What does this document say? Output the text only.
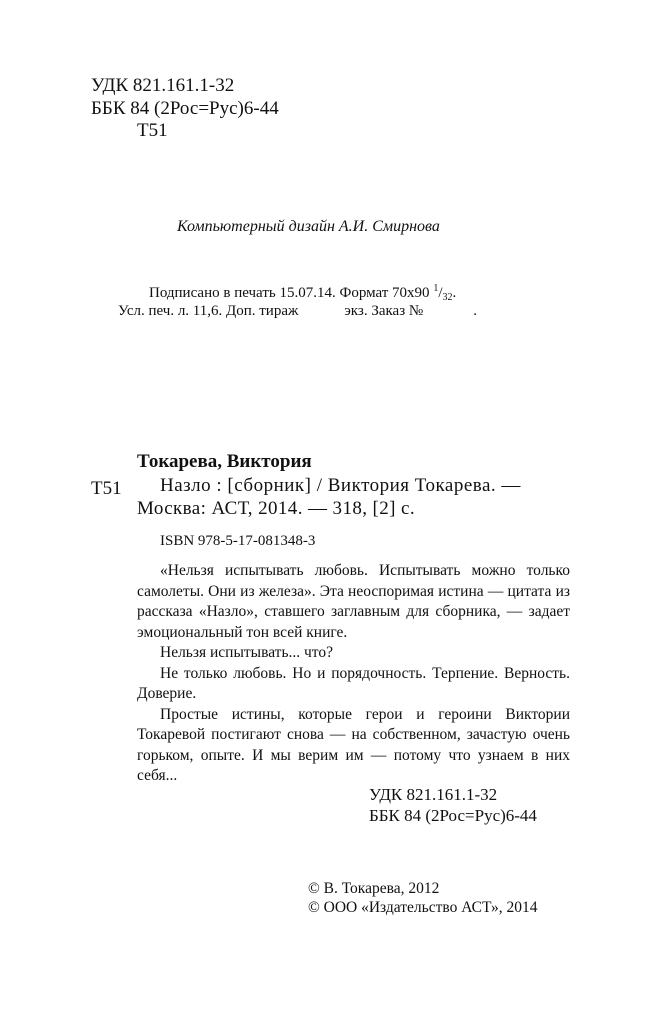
УДК 821.161.1-32
ББК 84 (2Рос=Рус)6-44
Т51
Компьютерный дизайн А.И. Смирнова
Подписано в печать 15.07.14. Формат 70x90 $^1/_{32}$.
Усл. печ. л. 11,6. Доп. тираж	экз. Заказ №	.
Токарева, Виктория
Т51 Назло : [сборник] / Виктория Токарева. —
Москва: АСТ, 2014. — 318, [2] с.
ISBN 978-5-17-081348-3

«Нельзя испытывать любовь. Испытывать можно только самолеты. Они из железа». Эта неоспоримая истина — цитата из рассказа «Назло», ставшего заглавным для сборника, — задает эмоциональный тон всей книге.

Нельзя испытывать... что?

Не только любовь. Но и порядочность. Терпение. Верность. Доверие.

Простые истины, которые герои и героини Виктории Токаревой постигают снова — на собственном, зачастую очень горьком, опыте. И мы верим им — потому что узнаем в них себя...

УДК 821.161.1-32
ББК 84 (2Рос=Рус)6-44
© В. Токарева, 2012
© ООО «Издательство АСТ», 2014
